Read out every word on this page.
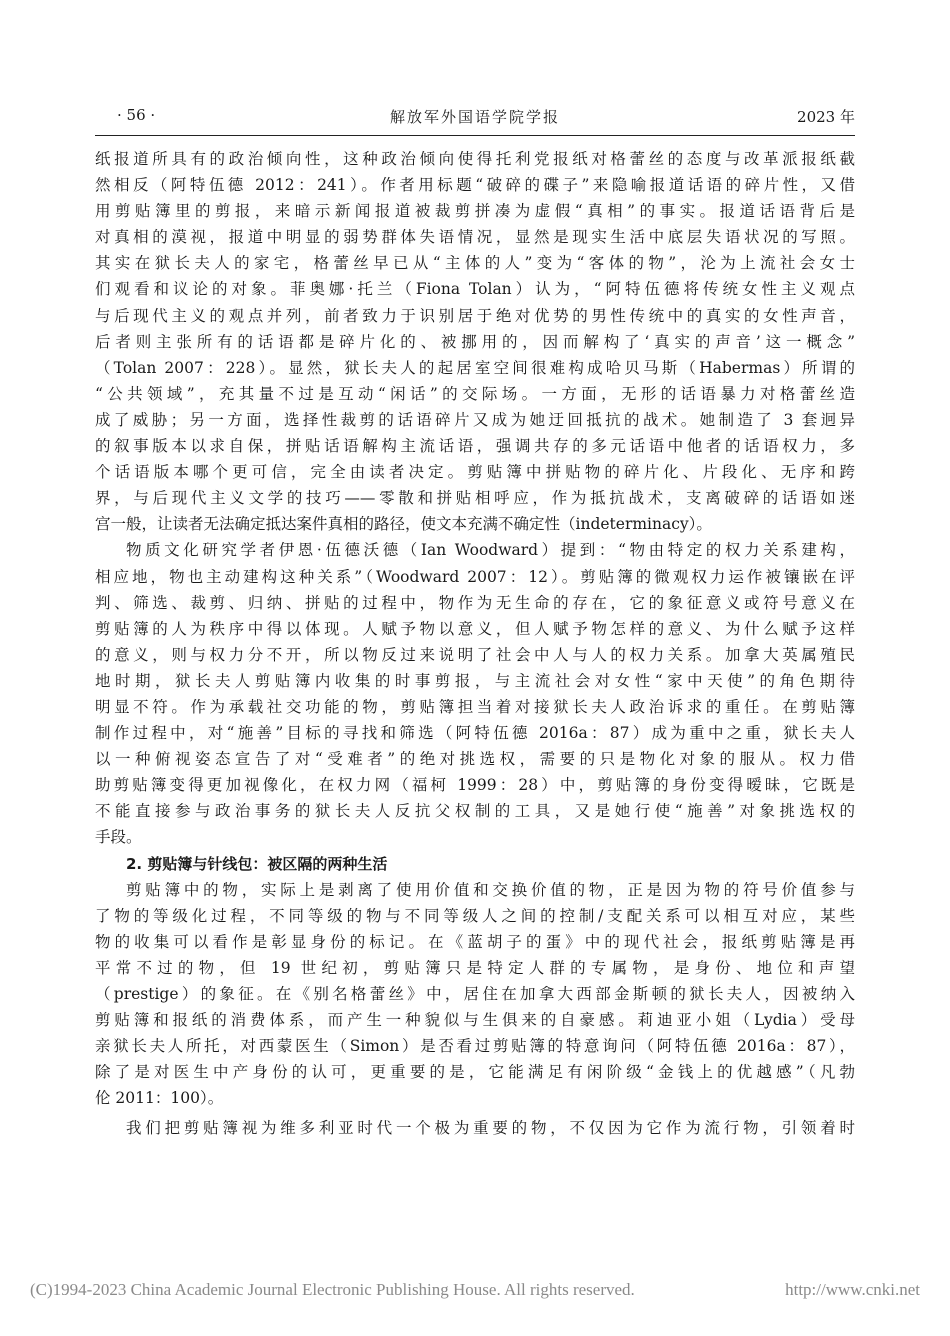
· 56 ·	解放军外国语学院学报	2023 年
纸报道所具有的政治倾向性，这种政治倾向使得托利党报纸对格蕾丝的态度与改革派报纸截
然相反（阿特伍德 2012：241）。作者用标题“破碎的碟子”来隐喻报道话语的碎片性，又借
用剪贴簿里的剪报，来暗示新闻报道被裁剪拼凑为虚假“真相”的事实。报道话语背后是
对真相的漠视，报道中明显的弱势群体失语情况，显然是现实生活中底层失语状况的写照。
其实在狱长夫人的家宅，格蕾丝早已从“主体的人”变为“客体的物”，沦为上流社会女士
们观看和议论的对象。菲奥娜·托兰（Fiona Tolan）认为，“阿特伍德将传统女性主义观点
与后现代主义的观点并列，前者致力于识别居于绝对优势的男性传统中的真实的女性声音，
后者则主张所有的话语都是碎片化的、被挪用的，因而解构了‘真实的声音’这一概念”
（Tolan 2007：228）。显然，狱长夫人的起居室空间很难构成哈贝马斯（Habermas）所谓的
“公共领域”，充其量不过是互动“闲话”的交际场。一方面，无形的话语暴力对格蕾丝造
成了威胁；另一方面，选择性裁剪的话语碎片又成为她迂回抵抗的战术。她制造了 3 套迥异
的叙事版本以求自保，拼贴话语解构主流话语，强调共存的多元话语中他者的话语权力，多
个话语版本哪个更可信，完全由读者决定。剪贴簿中拼贴物的碎片化、片段化、无序和跨
界，与后现代主义文学的技巧——零散和拼贴相呼应，作为抵抗战术，支离破碎的话语如迷
宫一般，让读者无法确定抵达案件真相的路径，使文本充满不确定性（indeterminacy）。
物质文化研究学者伊恩·伍德沃德（Ian Woodward）提到：“物由特定的权力关系建构，
相应地，物也主动建构这种关系”（Woodward 2007：12）。剪贴簿的微观权力运作被镶嵌在评
判、筛选、裁剪、归纳、拼贴的过程中，物作为无生命的存在，它的象征意义或符号意义在
剪贴簿的人为秩序中得以体现。人赋予物以意义，但人赋予物怎样的意义、为什么赋予这样
的意义，则与权力分不开，所以物反过来说明了社会中人与人的权力关系。加拿大英属殖民
地时期，狱长夫人剪贴簿内收集的时事剪报，与主流社会对女性“家中天使”的角色期待
明显不符。作为承载社交功能的物，剪贴簿担当着对接狱长夫人政治诉求的重任。在剪贴簿
制作过程中，对“施善”目标的寻找和筛选（阿特伍德 2016a：87）成为重中之重，狱长夫人
以一种俯视姿态宣告了对“受难者”的绝对挑选权，需要的只是物化对象的服从。权力借
助剪贴簿变得更加视像化，在权力网（福柯 1999：28）中，剪贴簿的身份变得暧昧，它既是
不能直接参与政治事务的狱长夫人反抗父权制的工具，又是她行使“施善”对象挑选权的
手段。
2. 剪贴簿与针线包：被区隔的两种生活
剪贴簿中的物，实际上是剥离了使用价值和交换价值的物，正是因为物的符号价值参与
了物的等级化过程，不同等级的物与不同等级人之间的控制/支配关系可以相互对应，某些
物的收集可以看作是彰显身份的标记。在《蓝胡子的蛋》中的现代社会，报纸剪贴簿是再
平常不过的物，但 19 世纪初，剪贴簿只是特定人群的专属物，是身份、地位和声望
（prestige）的象征。在《别名格蕾丝》中，居住在加拿大西部金斯顿的狱长夫人，因被纳入
剪贴簿和报纸的消费体系，而产生一种貌似与生俱来的自豪感。莉迪亚小姐（Lydia）受母
亲狱长夫人所托，对西蒙医生（Simon）是否看过剪贴簿的特意询问（阿特伍德 2016a：87），
除了是对医生中产身份的认可，更重要的是，它能满足有闲阶级“金钱上的优越感”（凡勃
伦 2011：100）。
我们把剪贴簿视为维多利亚时代一个极为重要的物，不仅因为它作为流行物，引领着时
(C)1994-2023 China Academic Journal Electronic Publishing House. All rights reserved.	http://www.cnki.net
